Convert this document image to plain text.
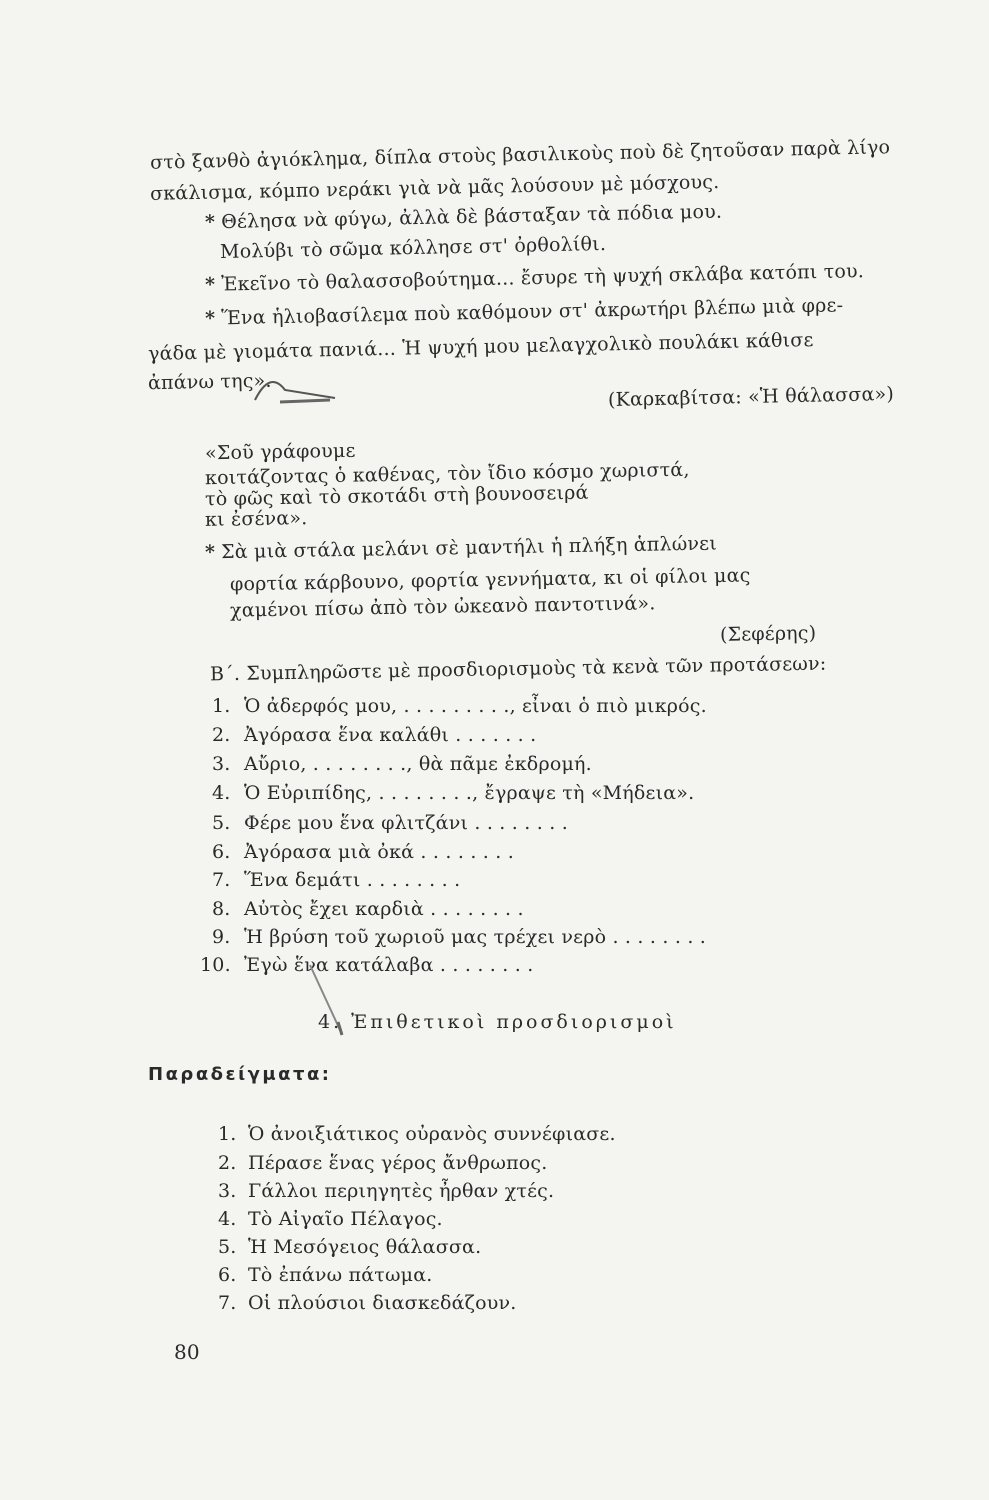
στὸ ξανθὸ ἀγιόκλημα, δίπλα στοὺς βασιλικοὺς ποὺ δὲ ζητοῦσαν παρὰ λίγο
σκάλισμα, κόμπο νεράκι γιὰ νὰ μᾶς λούσουν μὲ μόσχους.
* Θέλησα νὰ φύγω, ἀλλὰ δὲ βάσταξαν τὰ πόδια μου.
Μολύβι τὸ σῶμα κόλλησε στ' ὀρθολίθι.
* Ἐκεῖνο τὸ θαλασσοβούτημα... ἔσυρε τὴ ψυχή σκλάβα κατόπι του.
* Ἕνα ἡλιοβασίλεμα ποὺ καθόμουν στ' ἀκρωτήρι βλέπω μιὰ φρε-
γάδα μὲ γιομάτα πανιά... Ἡ ψυχή μου μελαγχολικὸ πουλάκι κάθισε
ἀπάνω της».
(Καρκαβίτσα: «Ἡ θάλασσα»)
«Σοῦ γράφουμε
κοιτάζοντας ὁ καθένας, τὸν ἴδιο κόσμο χωριστά,
τὸ φῶς καὶ τὸ σκοτάδι στὴ βουνοσειρά
κι ἐσένα».
* Σὰ μιὰ στάλα μελάνι σὲ μαντήλι ἡ πλήξη ἁπλώνει
φορτία κάρβουνο, φορτία γεννήματα, κι οἱ φίλοι μας
χαμένοι πίσω ἀπὸ τὸν ὠκεανὸ παντοτινά».
(Σεφέρης)
Β΄. Συμπληρῶστε μὲ προσδιορισμοὺς τὰ κενὰ τῶν προτάσεων:
1. Ὁ ἀδερφός μου, . . . . . . . . ., εἶναι ὁ πιὸ μικρός.
2. Ἀγόρασα ἕνα καλάθι . . . . . . .
3. Αὔριο, . . . . . . . ., θὰ πᾶμε ἐκδρομή.
4. Ὁ Εὐριπίδης, . . . . . . . ., ἔγραψε τὴ «Μήδεια».
5. Φέρε μου ἕνα φλιτζάνι . . . . . . . .
6. Ἀγόρασα μιὰ ὀκά . . . . . . . .
7. Ἕνα δεμάτι . . . . . . . .
8. Αὐτὸς ἔχει καρδιὰ . . . . . . . .
9. Ἡ βρύση τοῦ χωριοῦ μας τρέχει νερὸ . . . . . . . .
10. Ἐγὼ ἕνα κατάλαβα . . . . . . . .
4. Ἐπιθετικοὶ προσδιορισμοὶ
Παραδείγματα:
1. Ὁ ἀνοιξιάτικος οὐρανὸς συννέφιασε.
2. Πέρασε ἕνας γέρος ἄνθρωπος.
3. Γάλλοι περιηγητὲς ἦρθαν χτές.
4. Τὸ Αἰγαῖο Πέλαγος.
5. Ἡ Μεσόγειος θάλασσα.
6. Τὸ ἐπάνω πάτωμα.
7. Οἱ πλούσιοι διασκεδάζουν.
80
